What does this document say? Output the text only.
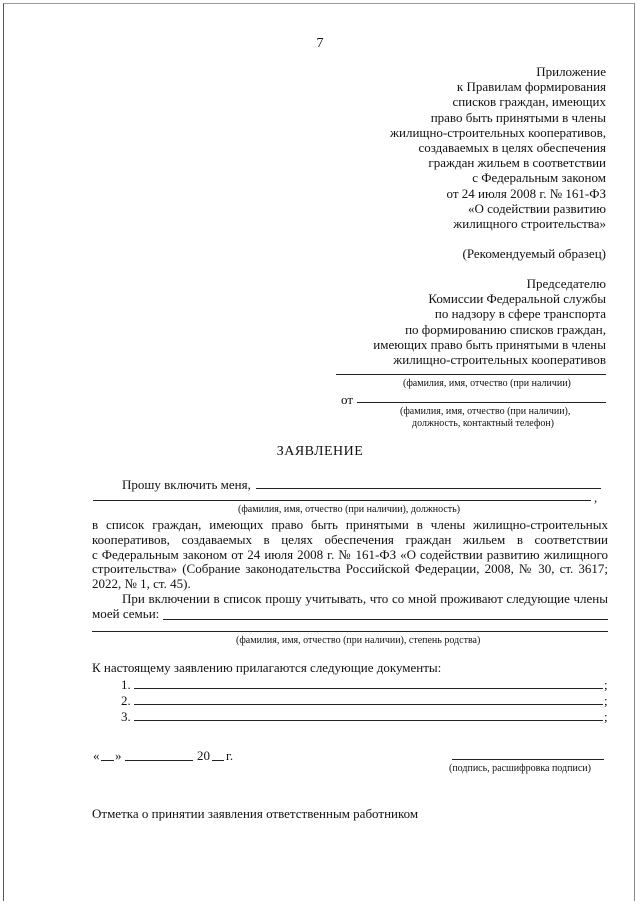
7
Приложение
к Правилам формирования
списков граждан, имеющих
право быть принятыми в члены
жилищно-строительных кооперативов,
создаваемых в целях обеспечения
граждан жильем в соответствии
с Федеральным законом
от 24 июля 2008 г. № 161-ФЗ
«О содействии развитию
жилищного строительства»
(Рекомендуемый образец)
Председателю
Комиссии Федеральной службы
по надзору в сфере транспорта
по формированию списков граждан,
имеющих право быть принятыми в члены
жилищно-строительных кооперативов
(фамилия, имя, отчество (при наличии)
от
(фамилия, имя, отчество (при наличии),
должность, контактный телефон)
ЗАЯВЛЕНИЕ
Прошу включить меня,
,
(фамилия, имя, отчество (при наличии), должность)
в список граждан, имеющих право быть принятыми в члены жилищно-строительных
кооперативов, создаваемых в целях обеспечения граждан жильем в соответствии
с Федеральным законом от 24 июля 2008 г. № 161-ФЗ «О содействии развитию жилищного
строительства» (Собрание законодательства Российской Федерации, 2008, № 30, ст. 3617;
2022, № 1, ст. 45).
При включении в список прошу учитывать, что со мной проживают следующие члены
моей семьи:
(фамилия, имя, отчество (при наличии), степень родства)
К настоящему заявлению прилагаются следующие документы:
1.	;
2.	;
3.	;
« »	20 г.
(подпись, расшифровка подписи)
Отметка о принятии заявления ответственным работником
